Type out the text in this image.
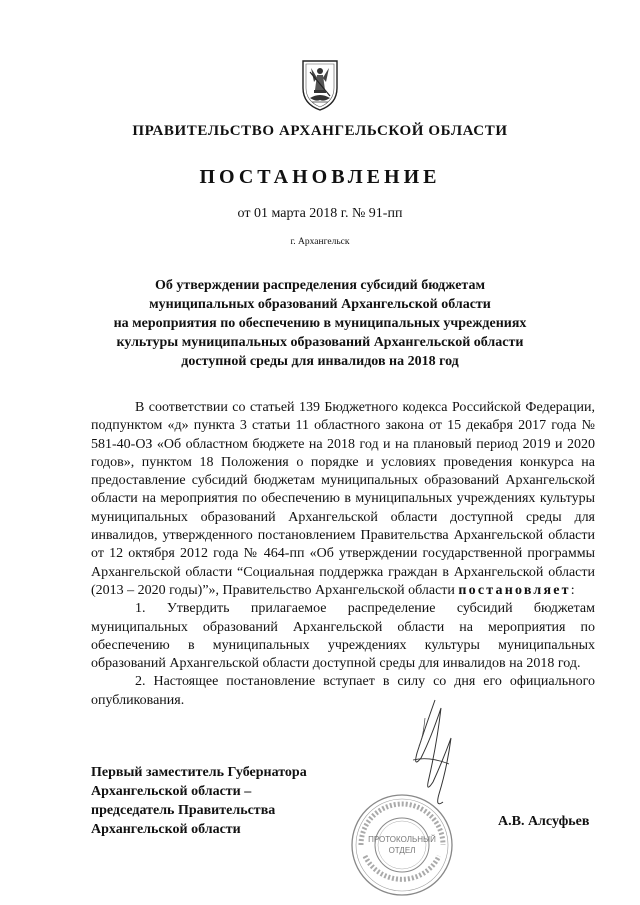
ПРАВИТЕЛЬСТВО АРХАНГЕЛЬСКОЙ ОБЛАСТИ
ПОСТАНОВЛЕНИЕ
от 01 марта 2018 г. № 91-пп
г. Архангельск
Об утверждении распределения субсидий бюджетам
муниципальных образований Архангельской области
на мероприятия по обеспечению в муниципальных учреждениях
культуры муниципальных образований Архангельской области
доступной среды для инвалидов на 2018 год

В соответствии со статьей 139 Бюджетного кодекса Российской Федерации, подпунктом «д» пункта 3 статьи 11 областного закона от 15 декабря 2017 года № 581-40-ОЗ «Об областном бюджете на 2018 год и на плановый период 2019 и 2020 годов», пунктом 18 Положения о порядке и условиях проведения конкурса на предоставление субсидий бюджетам муниципальных образований Архангельской области на мероприятия по обеспечению в муниципальных учреждениях культуры муниципальных образований Архангельской области доступной среды для инвалидов, утвержденного постановлением Правительства Архангельской области от 12 октября 2012 года № 464-пп «Об утверждении государственной программы Архангельской области “Социальная поддержка граждан в Архангельской области (2013 – 2020 годы)”», Правительство Архангельской области постановляет:

1. Утвердить прилагаемое распределение субсидий бюджетам муниципальных образований Архангельской области на мероприятия по обеспечению в муниципальных учреждениях культуры муниципальных образований Архангельской области доступной среды для инвалидов на 2018 год.

2. Настоящее постановление вступает в силу со дня его официального опубликования.

Первый заместитель Губернатора
Архангельской области –
председатель Правительства
Архангельской области
ПРОТОКОЛЬНЫЙ
ОТДЕЛ
А.В. Алсуфьев
